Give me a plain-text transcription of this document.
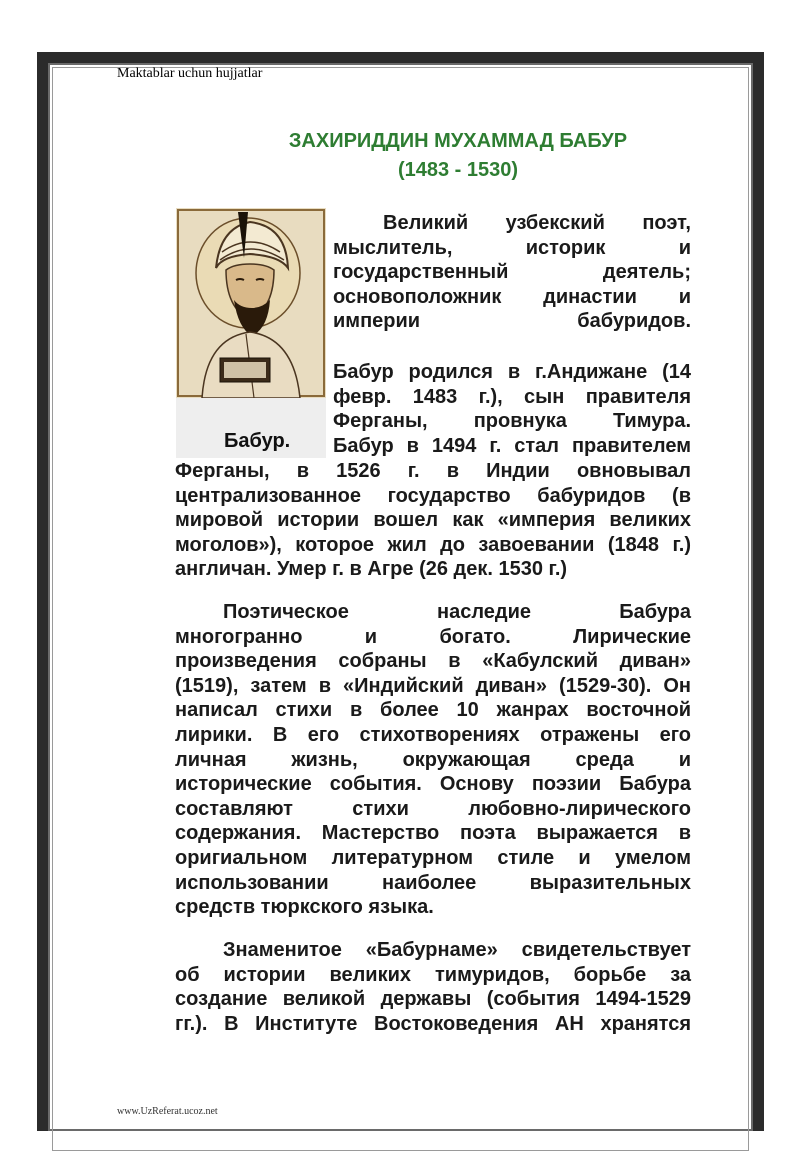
Maktablar uchun hujjatlar
ЗАХИРИДДИН МУХАММАД БАБУР
(1483 - 1530)
Бабур.
Великий узбекский поэт,
мыслитель, историк и
государственный деятель;
основоположник династии и
империи бабуридов.
Бабур родился в г.Андижане (14
февр. 1483 г.), сын правителя
Ферганы, провнука Тимура.
Бабур в 1494 г. стал правителем
Ферганы, в 1526 г. в Индии овновывал
централизованное государство бабуридов (в
мировой истории вошел как «империя великих
моголов»), которое жил до завоевании (1848 г.)
англичан. Умер г. в Агре (26 дек. 1530 г.)
Поэтическое наследие Бабура
многогранно и богато. Лирические
произведения собраны в «Кабулский диван»
(1519), затем в «Индийский диван» (1529-30). Он
написал стихи в более 10 жанрах восточной
лирики. В его стихотворениях отражены его
личная жизнь, окружающая среда и
исторические события. Основу поэзии Бабура
составляют стихи любовно-лирического
содержания. Мастерство поэта выражается в
оригиальном литературном стиле и умелом
использовании наиболее выразительных
средств тюркского языка.
Знаменитое «Бабурнаме» свидетельствует
об истории великих тимуридов, борьбе за
создание великой державы (события 1494-1529
гг.). В Институте Востоковедения АН хранятся
www.UzReferat.ucoz.net
